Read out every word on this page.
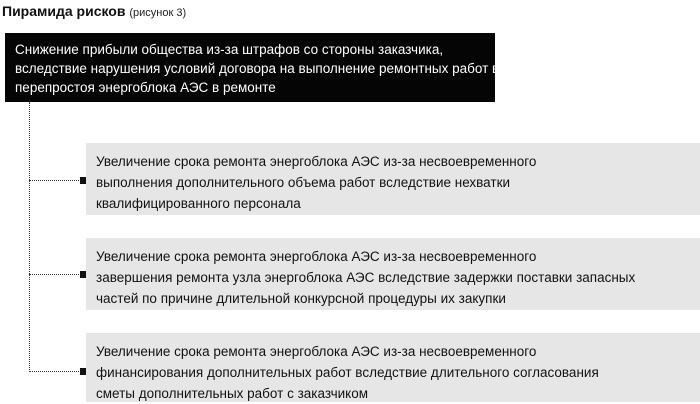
Пирамида рисков (рисунок 3)
Снижение прибыли общества из-за штрафов со стороны заказчика,
вследствие нарушения условий договора на выполнение ремонтных работ в части
перепростоя энергоблока АЭС в ремонте
Увеличение срока ремонта энергоблока АЭС из-за несвоевременного
выполнения дополнительного объема работ вследствие нехватки
квалифицированного персонала
Увеличение срока ремонта энергоблока АЭС из-за несвоевременного
завершения ремонта узла энергоблока АЭС вследствие задержки поставки запасных
частей по причине длительной конкурсной процедуры их закупки
Увеличение срока ремонта энергоблока АЭС из-за несвоевременного
финансирования дополнительных работ вследствие длительного согласования
сметы дополнительных работ с заказчиком
